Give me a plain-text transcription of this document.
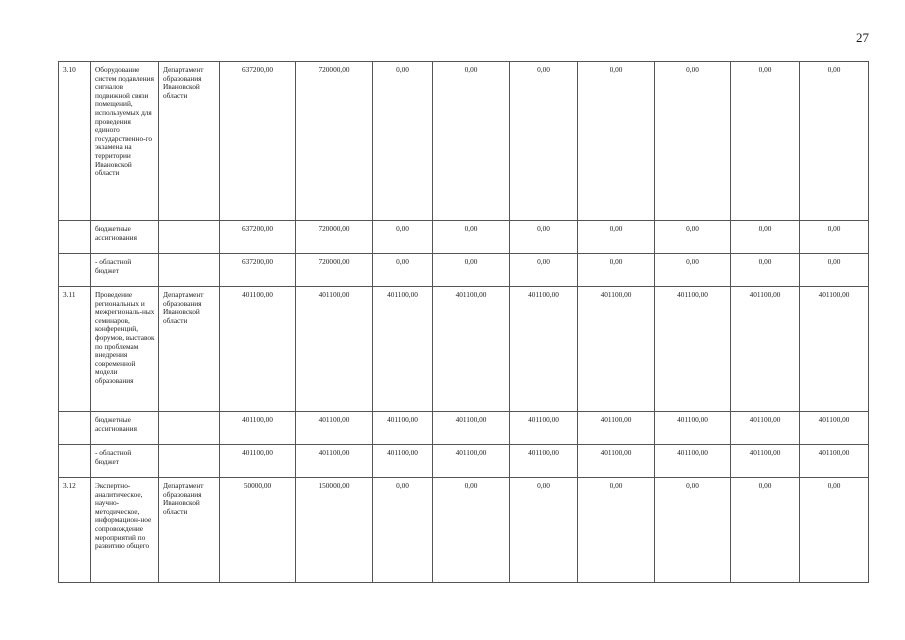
27
3.10	Оборудование систем подавления сигналов подвижной связи помещений, используемых для проведения единого государственно-го экзамена на территории Ивановской области	Департамент образования Ивановской области	637200,00	720000,00	0,00	0,00	0,00	0,00	0,00	0,00	0,00
	бюджетные ассигнования		637200,00	720000,00	0,00	0,00	0,00	0,00	0,00	0,00	0,00
	- областной бюджет		637200,00	720000,00	0,00	0,00	0,00	0,00	0,00	0,00	0,00
3.11	Проведение региональных и межрегиональ-ных семинаров, конференций, форумов, выставок по проблемам внедрения современной модели образования	Департамент образования Ивановской области	401100,00	401100,00	401100,00	401100,00	401100,00	401100,00	401100,00	401100,00	401100,00
	бюджетные ассигнования		401100,00	401100,00	401100,00	401100,00	401100,00	401100,00	401100,00	401100,00	401100,00
	- областной бюджет		401100,00	401100,00	401100,00	401100,00	401100,00	401100,00	401100,00	401100,00	401100,00
3.12	Экспертно-аналитическое, научно-методическое, информацион-ное сопровождение мероприятий по развитию общего	Департамент образования Ивановской области	50000,00	150000,00	0,00	0,00	0,00	0,00	0,00	0,00	0,00
